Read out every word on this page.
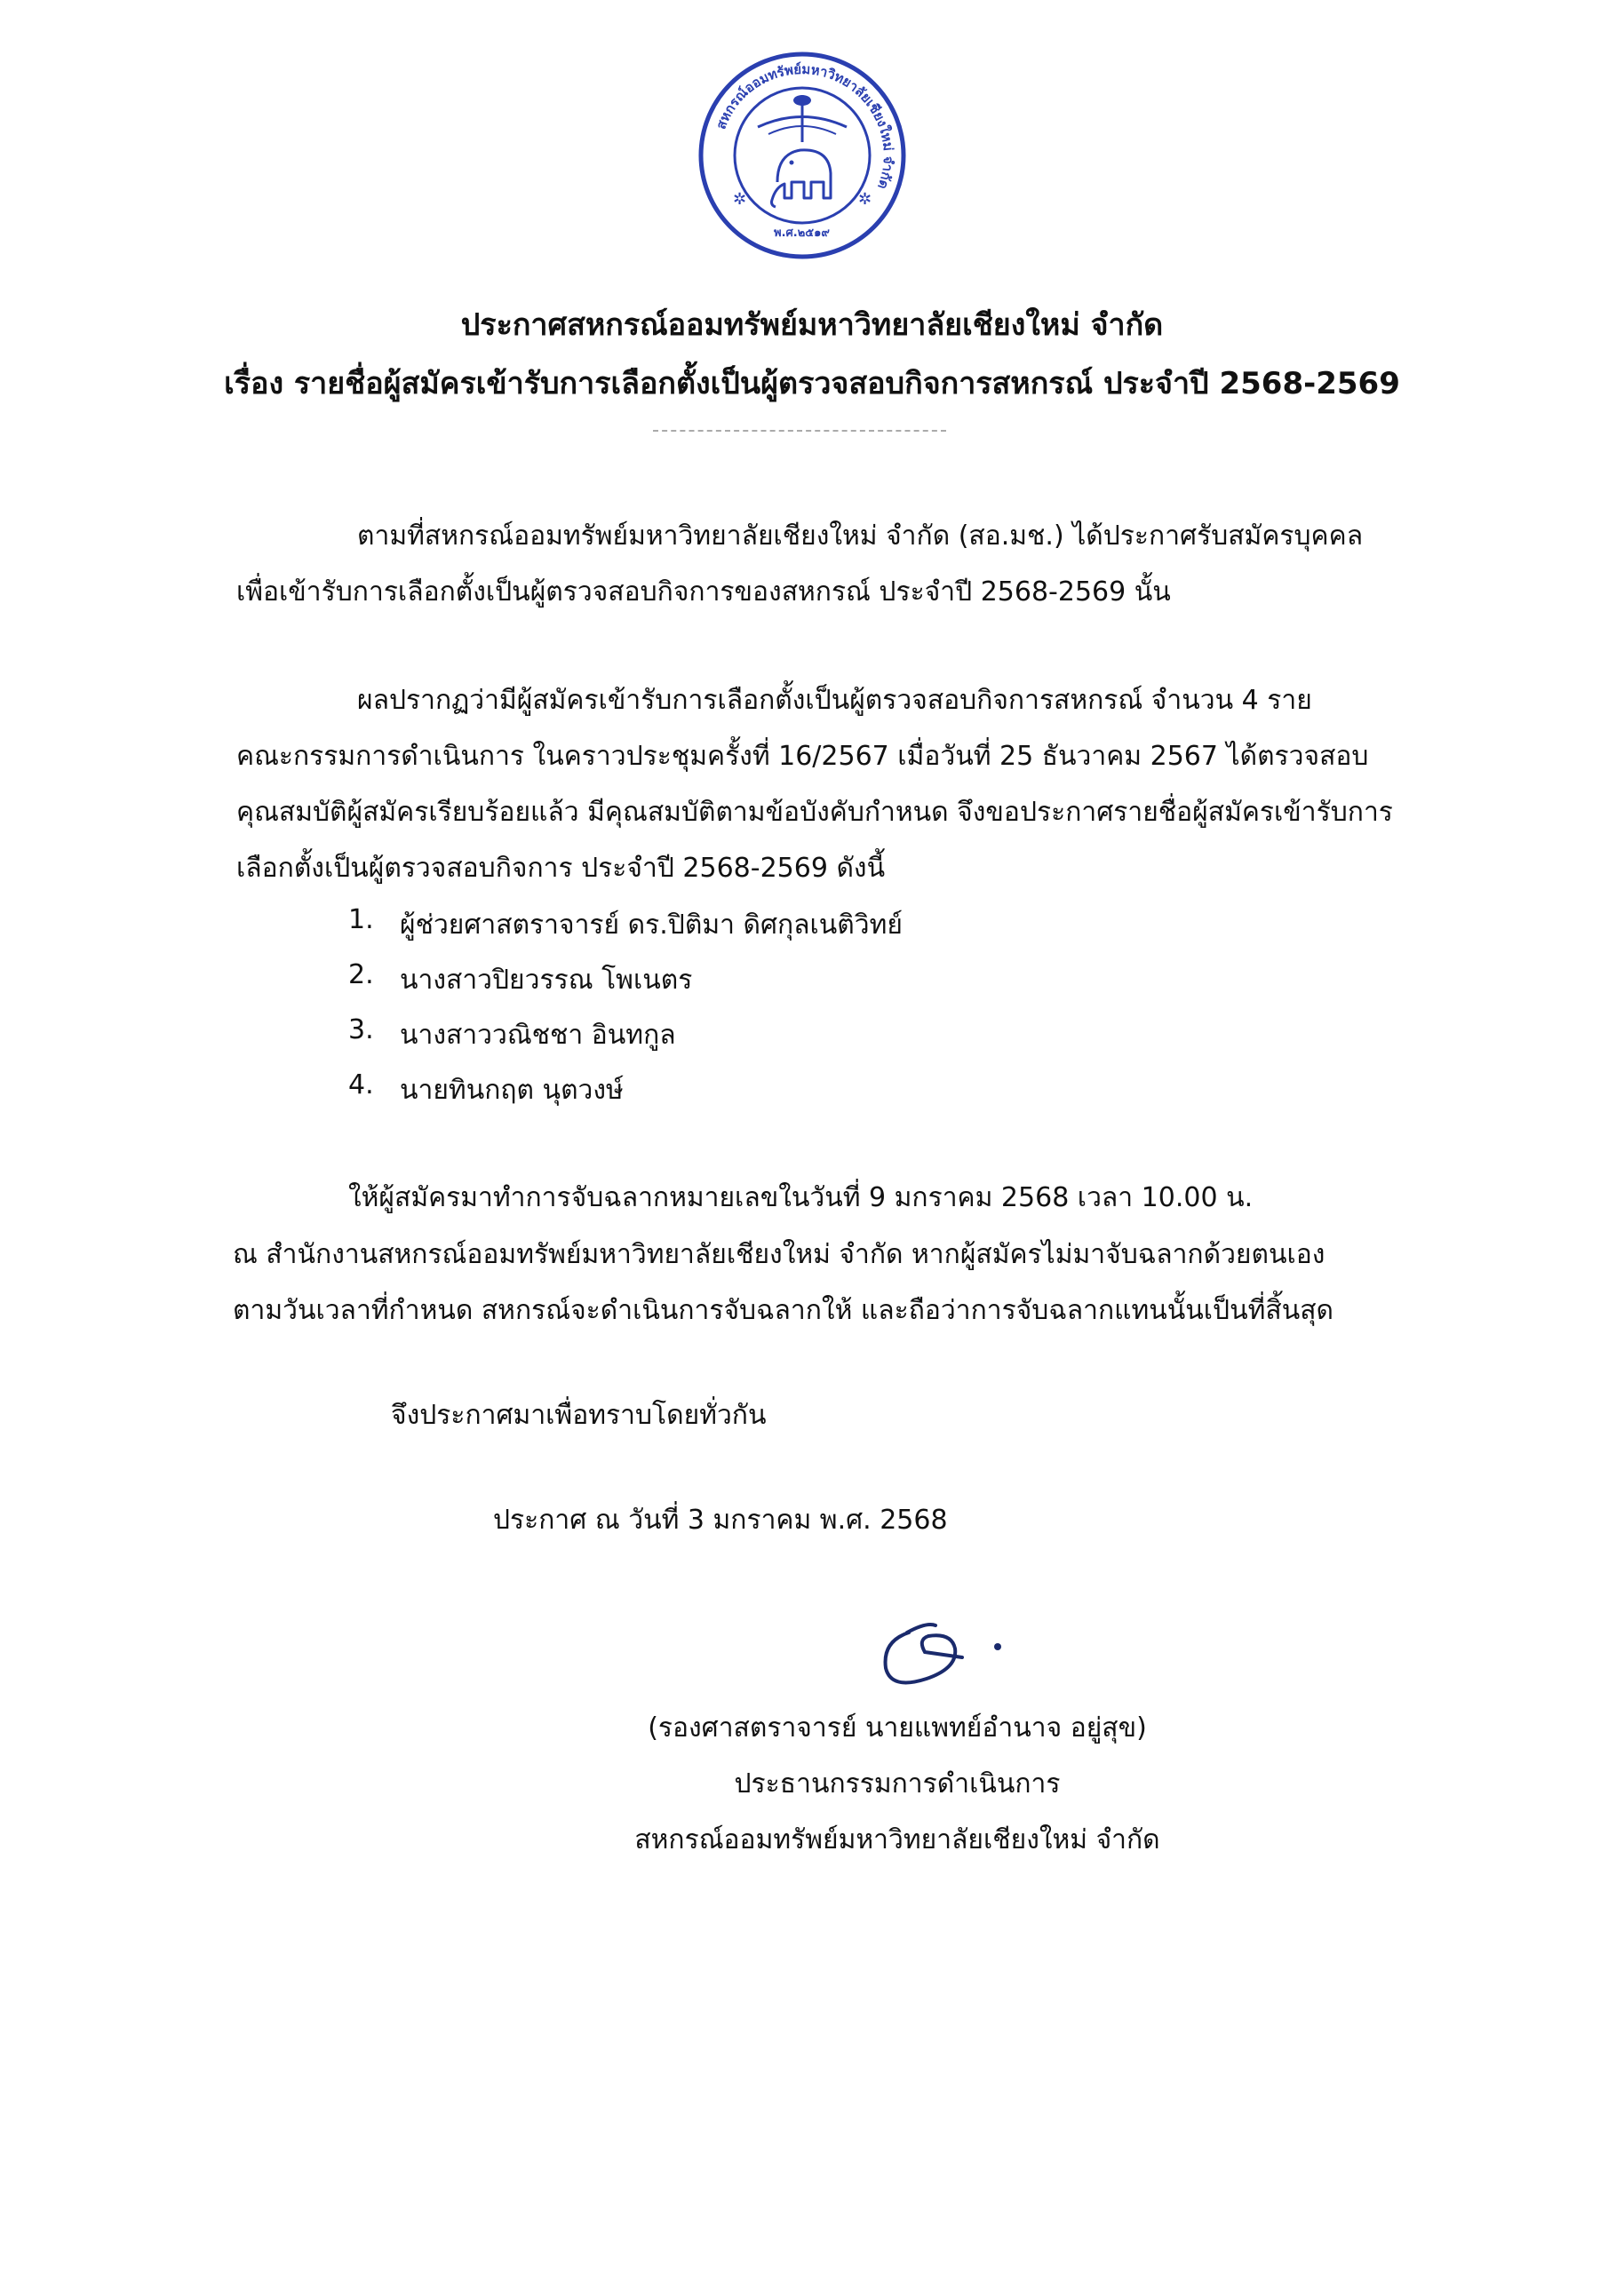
สหกรณ์ออมทรัพย์มหาวิทยาลัยเชียงใหม่ จำกัด
✲	✲
พ.ศ.๒๕๑๙
ประกาศสหกรณ์ออมทรัพย์มหาวิทยาลัยเชียงใหม่ จำกัด
เรื่อง รายชื่อผู้สมัครเข้ารับการเลือกตั้งเป็นผู้ตรวจสอบกิจการสหกรณ์ ประจำปี 2568-2569
ตามที่สหกรณ์ออมทรัพย์มหาวิทยาลัยเชียงใหม่ จำกัด (สอ.มช.) ได้ประกาศรับสมัครบุคคล
เพื่อเข้ารับการเลือกตั้งเป็นผู้ตรวจสอบกิจการของสหกรณ์ ประจำปี 2568-2569 นั้น
ผลปรากฏว่ามีผู้สมัครเข้ารับการเลือกตั้งเป็นผู้ตรวจสอบกิจการสหกรณ์ จำนวน 4 ราย
คณะกรรมการดำเนินการ ในคราวประชุมครั้งที่ 16/2567 เมื่อวันที่ 25 ธันวาคม 2567 ได้ตรวจสอบ
คุณสมบัติผู้สมัครเรียบร้อยแล้ว มีคุณสมบัติตามข้อบังคับกำหนด จึงขอประกาศรายชื่อผู้สมัครเข้ารับการ
เลือกตั้งเป็นผู้ตรวจสอบกิจการ ประจำปี 2568-2569 ดังนี้
1. ผู้ช่วยศาสตราจารย์ ดร.ปิติมา ดิศกุลเนติวิทย์
2. นางสาวปิยวรรณ โพเนตร
3. นางสาววณิชชา อินทกูล
4. นายทินกฤต นุตวงษ์
ให้ผู้สมัครมาทำการจับฉลากหมายเลขในวันที่ 9 มกราคม 2568 เวลา 10.00 น.
ณ สำนักงานสหกรณ์ออมทรัพย์มหาวิทยาลัยเชียงใหม่ จำกัด หากผู้สมัครไม่มาจับฉลากด้วยตนเอง
ตามวันเวลาที่กำหนด สหกรณ์จะดำเนินการจับฉลากให้ และถือว่าการจับฉลากแทนนั้นเป็นที่สิ้นสุด
จึงประกาศมาเพื่อทราบโดยทั่วกัน
ประกาศ ณ วันที่ 3 มกราคม พ.ศ. 2568
(รองศาสตราจารย์ นายแพทย์อำนาจ อยู่สุข)
ประธานกรรมการดำเนินการ
สหกรณ์ออมทรัพย์มหาวิทยาลัยเชียงใหม่ จำกัด
